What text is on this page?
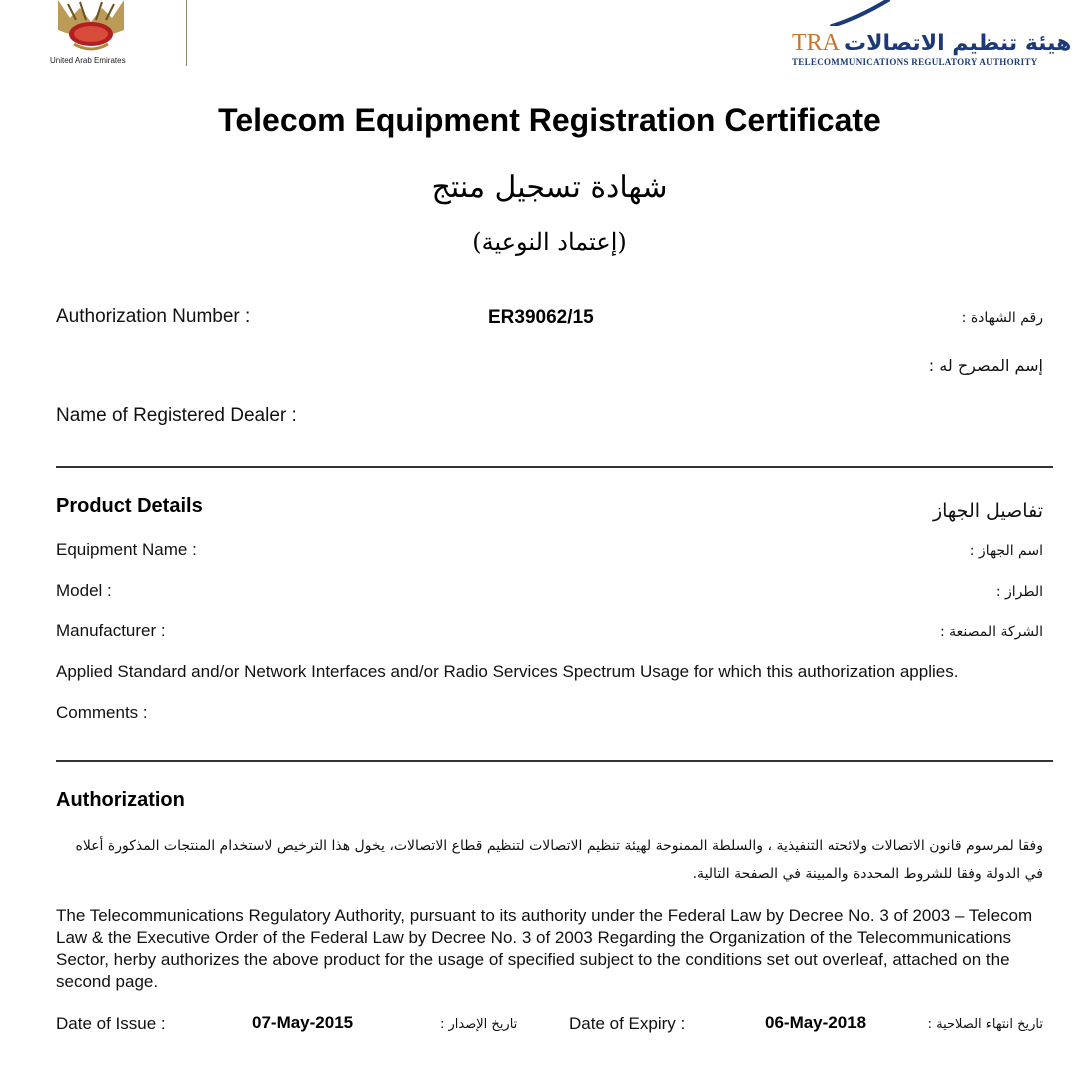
United Arab Emirates
TRA هيئة تنظيم الاتصالات
TELECOMMUNICATIONS REGULATORY AUTHORITY
Telecom Equipment Registration Certificate
شهادة تسجيل منتج
(إعتماد النوعية)
Authorization Number :	ER39062/15	رقم الشهادة :
إسم المصرح له :
Name of Registered Dealer :
Product Details	تفاصيل الجهاز
Equipment Name :	اسم الجهاز :
Model :	الطراز :
Manufacturer :	الشركة المصنعة :
Applied Standard and/or Network Interfaces and/or Radio Services Spectrum Usage for which this authorization applies.
Comments :
Authorization
وفقا لمرسوم قانون الاتصالات ولائحته التنفيذية ، والسلطة الممنوحة لهيئة تنظيم الاتصالات لتنظيم قطاع الاتصالات، يخول هذا الترخيص لاستخدام المنتجات المذكورة أعلاه
في الدولة وفقا للشروط المحددة والمبينة في الصفحة التالية.
The Telecommunications Regulatory Authority, pursuant to its authority under the Federal Law by Decree No. 3 of 2003 – Telecom Law & the Executive Order of the Federal Law by Decree No. 3 of 2003 Regarding the Organization of the Telecommunications Sector, herby authorizes the above product for the usage of specified subject to the conditions set out overleaf, attached on the second page.
Date of Issue :	07-May-2015	تاريخ الإصدار :	Date of Expiry :	06-May-2018	تاريخ انتهاء الصلاحية :
